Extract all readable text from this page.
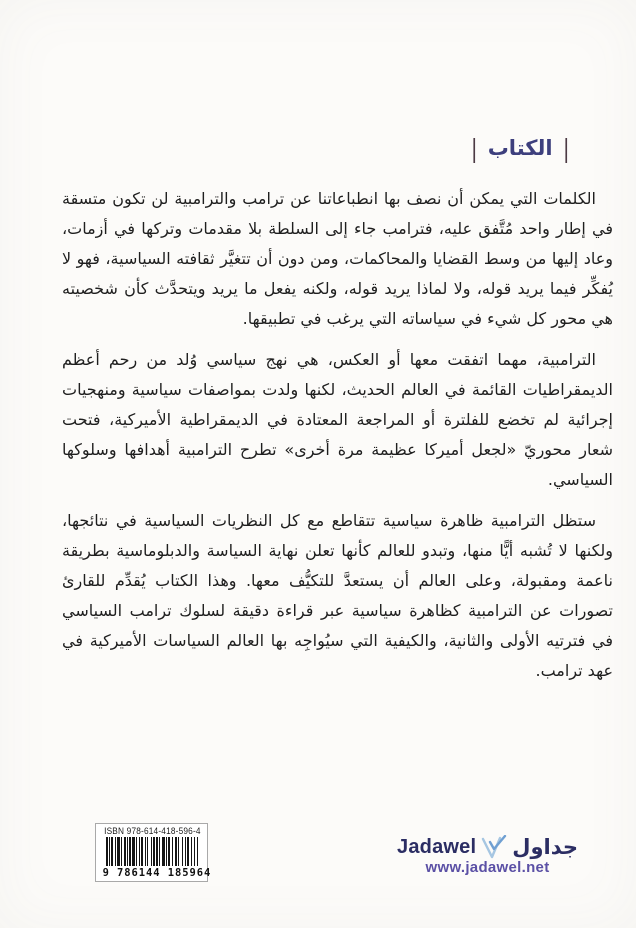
|
الكتاب
|

الكلمات التي يمكن أن نصف بها انطباعاتنا عن ترامب والترامبية لن تكون متسقة في إطار واحد مُتَّفق عليه، فترامب جاء إلى السلطة بلا مقدمات وتركها في أزمات، وعاد إليها من وسط القضايا والمحاكمات، ومن دون أن تتغيَّر ثقافته السياسية، فهو لا يُفكِّر فيما يريد قوله، ولا لماذا يريد قوله، ولكنه يفعل ما يريد ويتحدَّث كأن شخصيته هي محور كل شيء في سياساته التي يرغب في تطبيقها.

الترامبية، مهما اتفقت معها أو العكس، هي نهج سياسي وُلد من رحم أعظم الديمقراطيات القائمة في العالم الحديث، لكنها ولدت بمواصفات سياسية ومنهجيات إجرائية لم تخضع للفلترة أو المراجعة المعتادة في الديمقراطية الأميركية، فتحت شعار محوريّ «لجعل أميركا عظيمة مرة أخرى» تطرح الترامبية أهدافها وسلوكها السياسي.

ستظل الترامبية ظاهرة سياسية تتقاطع مع كل النظريات السياسية في نتائجها، ولكنها لا تُشبه أيًّا منها، وتبدو للعالم كأنها تعلن نهاية السياسة والدبلوماسية بطريقة ناعمة ومقبولة، وعلى العالم أن يستعدَّ للتكيُّف معها. وهذا الكتاب يُقدِّم للقارئ تصورات عن الترامبية كظاهرة سياسية عبر قراءة دقيقة لسلوك ترامب السياسي في فترتيه الأولى والثانية، والكيفية التي سيُواجِه بها العالم السياسات الأميركية في عهد ترامب.

ISBN 978-614-418-596-4
9 786144 185964
Jadawel جداول
www.jadawel.net
